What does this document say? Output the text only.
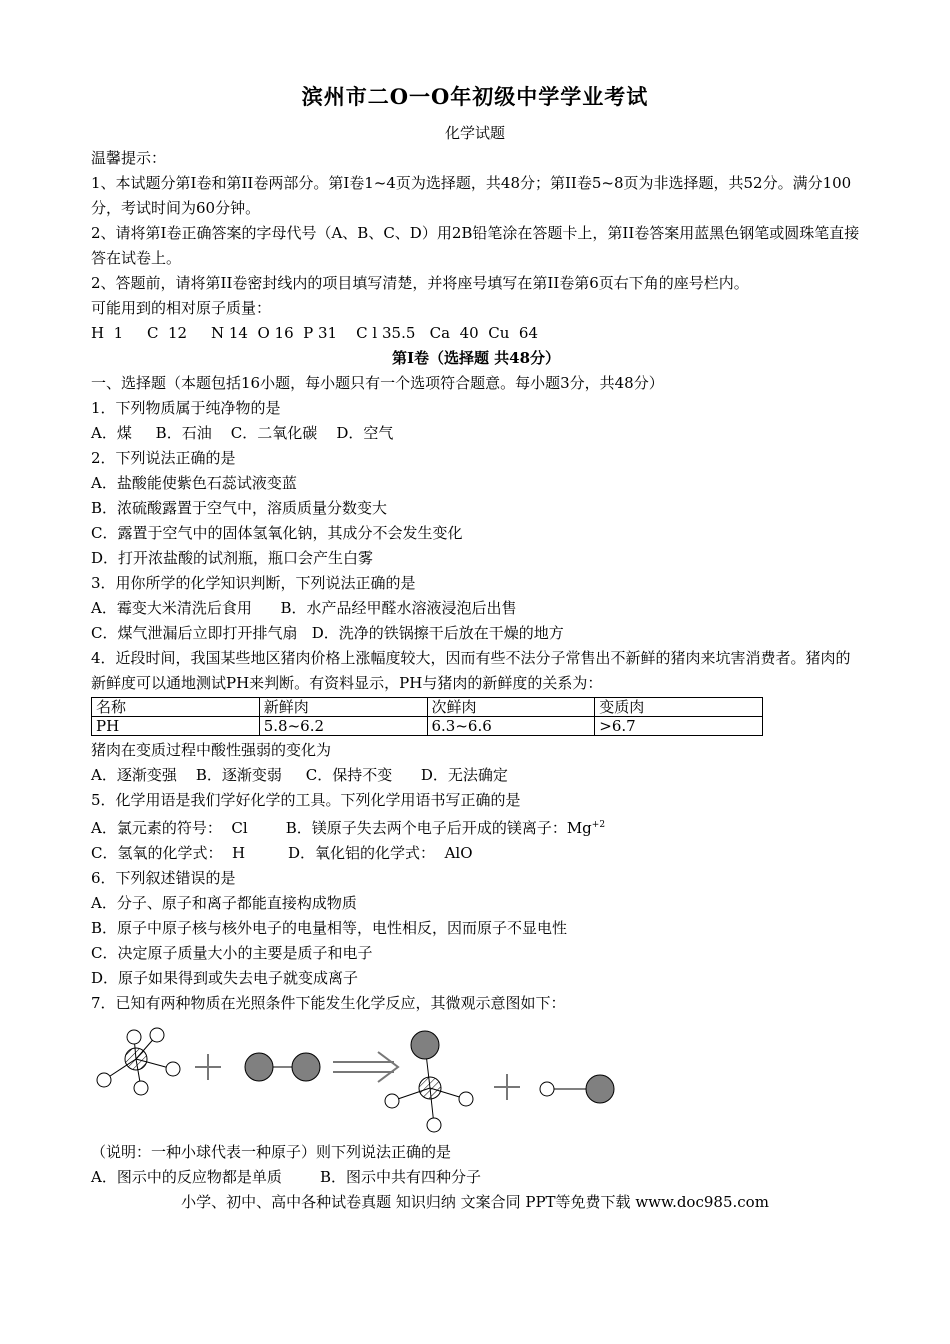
滨州市二O一O年初级中学学业考试
化学试题

温馨提示：

1、本试题分第I卷和第II卷两部分。第I卷1~4页为选择题，共48分；第II卷5~8页为非选择题，共52分。满分100分，考试时间为60分钟。

2、请将第I卷正确答案的字母代号（A、B、C、D）用2B铅笔涂在答题卡上，第II卷答案用蓝黑色钢笔或圆珠笔直接答在试卷上。

2、答题前，请将第II卷密封线内的项目填写清楚，并将座号填写在第II卷第6页右下角的座号栏内。

可能用到的相对原子质量：

H  1     C  12     N 14  O 16  P 31    C l 35.5   Ca  40  Cu  64

第I卷（选择题 共48分）

一、选择题（本题包括16小题，每小题只有一个选项符合题意。每小题3分，共48分）

1．下列物质属于纯净物的是

A．煤     B．石油    C．二氧化碳    D．空气

2．下列说法正确的是

A．盐酸能使紫色石蕊试液变蓝

B．浓硫酸露置于空气中，溶质质量分数变大

C．露置于空气中的固体氢氧化钠，其成分不会发生变化

D．打开浓盐酸的试剂瓶，瓶口会产生白雾

3．用你所学的化学知识判断，下列说法正确的是

A．霉变大米清洗后食用      B．水产品经甲醛水溶液浸泡后出售

C．煤气泄漏后立即打开排气扇   D．洗净的铁锅擦干后放在干燥的地方

4．近段时间，我国某些地区猪肉价格上涨幅度较大，因而有些不法分子常售出不新鲜的猪肉来坑害消费者。猪肉的新鲜度可以通地测试PH来判断。有资料显示，PH与猪肉的新鲜度的关系为：

名称	新鲜肉	次鲜肉	变质肉
PH	5.8~6.2	6.3~6.6	>6.7

猪肉在变质过程中酸性强弱的变化为

A．逐渐变强    B．逐渐变弱     C．保持不变      D．无法确定

5．化学用语是我们学好化学的工具。下列化学用语书写正确的是

A．氯元素的符号：  Cl        B．镁原子失去两个电子后开成的镁离子：$Mg^{+2}$

C．氢氧的化学式：  H         D．氧化铝的化学式：  AlO

6．下列叙述错误的是

A．分子、原子和离子都能直接构成物质

B．原子中原子核与核外电子的电量相等，电性相反，因而原子不显电性

C．决定原子质量大小的主要是质子和电子

D．原子如果得到或失去电子就变成离子

7．已知有两种物质在光照条件下能发生化学反应，其微观示意图如下：

（说明：一种小球代表一种原子）则下列说法正确的是

A．图示中的反应物都是单质        B．图示中共有四种分子

小学、初中、高中各种试卷真题 知识归纳 文案合同 PPT等免费下载 www.doc985.com
